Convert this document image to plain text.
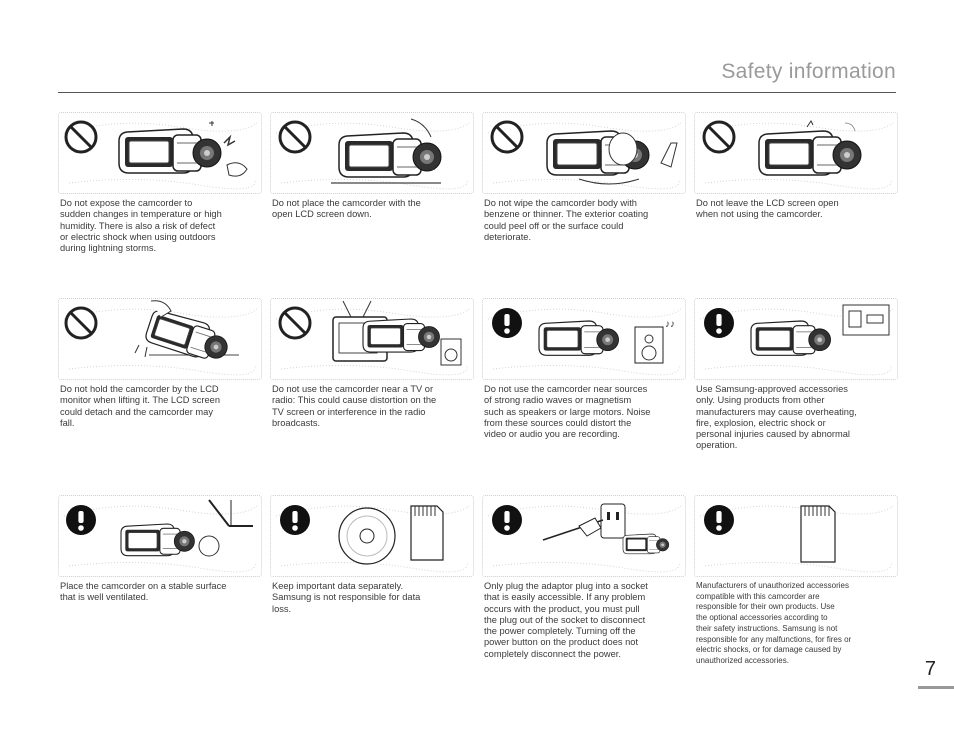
Safety information
Do not expose the camcorder to
sudden changes in temperature or high
humidity. There is also a risk of defect
or electric shock when using outdoors
during lightning storms.
Do not place the camcorder with the
open LCD screen down.
Do not wipe the camcorder body with
benzene or thinner. The exterior coating
could peel off or the surface could
deteriorate.
Do not leave the LCD screen open
when not using the camcorder.
Do not hold the camcorder by the LCD
monitor when lifting it. The LCD screen
could detach and the camcorder may
fall.
Do not use the camcorder near a TV or
radio: This could cause distortion on the
TV screen or interference in the radio
broadcasts.
♪♪
Do not use the camcorder near sources
of strong radio waves or magnetism
such as speakers or large motors. Noise
from these sources could distort the
video or audio you are recording.
Use Samsung-approved accessories
only. Using products from other
manufacturers may cause overheating,
fire, explosion, electric shock or
personal injuries caused by abnormal
operation.
Place the camcorder on a stable surface
that is well ventilated.
Keep important data separately.
Samsung is not responsible for data
loss.
Only plug the adaptor plug into a socket
that is easily accessible. If any problem
occurs with the product, you must pull
the plug out of the socket to disconnect
the power completely. Turning off the
power button on the product does not
completely disconnect the power.
Manufacturers of unauthorized accessories
compatible with this camcorder are
responsible for their own products. Use
the optional accessories according to
their safety instructions. Samsung is not
responsible for any malfunctions, for fires or
electric shocks, or for damage caused by
unauthorized accessories.	7
